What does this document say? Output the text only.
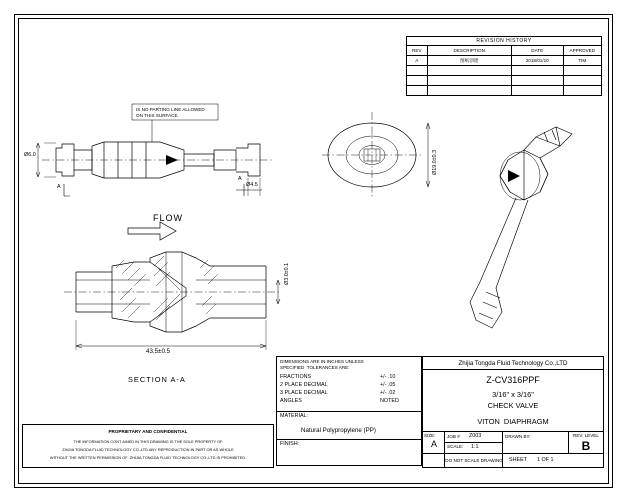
REVISION HISTORY			
REV	DESCRIPTION	DATE	APPROVED
A	图纸创建	2018/01/10	TIM

IS NO PARTING LINE ALLOWED
ON THIS SURFACE.
Ø6.0
Ø4.5
A
A
FLOW
Ø19.0±0.3
Ø3.0±0.1
43.5±0.5
SECTION A-A
DIMENSIONS ARE IN INCHES UNLESS
SPECIFIED  TOLERANCES ARE:
FRACTIONS	+/- .10
2 PLACE DECIMAL	+/- .05
3 PLACE DECIMAL	+/- .02
ANGLES	NOTED
MATERIAL:
Natural Polypropylene (PP)
FINISH:
Zhijia Tongda Fluid Technology Co.,LTD
Z-CV316PPF
3/16" x 3/16"
CHECK VALVE
VITON  DIAPHRAGM
SIZE:
A
JOB # Z003
SCALE: 1:1
DRAWN BY:	REV. LEVEL
B
DO NOT SCALE DRAWING SHEET 1 OF 1
PROPRIETARY AND CONFIDENTIAL
THE INFORMATION CONT AINED IN THIS DRAWING IS THE SOLE PROPERTY OF
ZHIJIA TONGDA FLUID TECHNOLOGY CO.,LTD ANY REPRODUCTION IN PART OR AS WHOLE
WITHOUT THE WRITTEN PERMISSION OF  ZHIJIA TONGDA FLUID TECHNOLOGY CO.,LTD IS PROHIBITED.
